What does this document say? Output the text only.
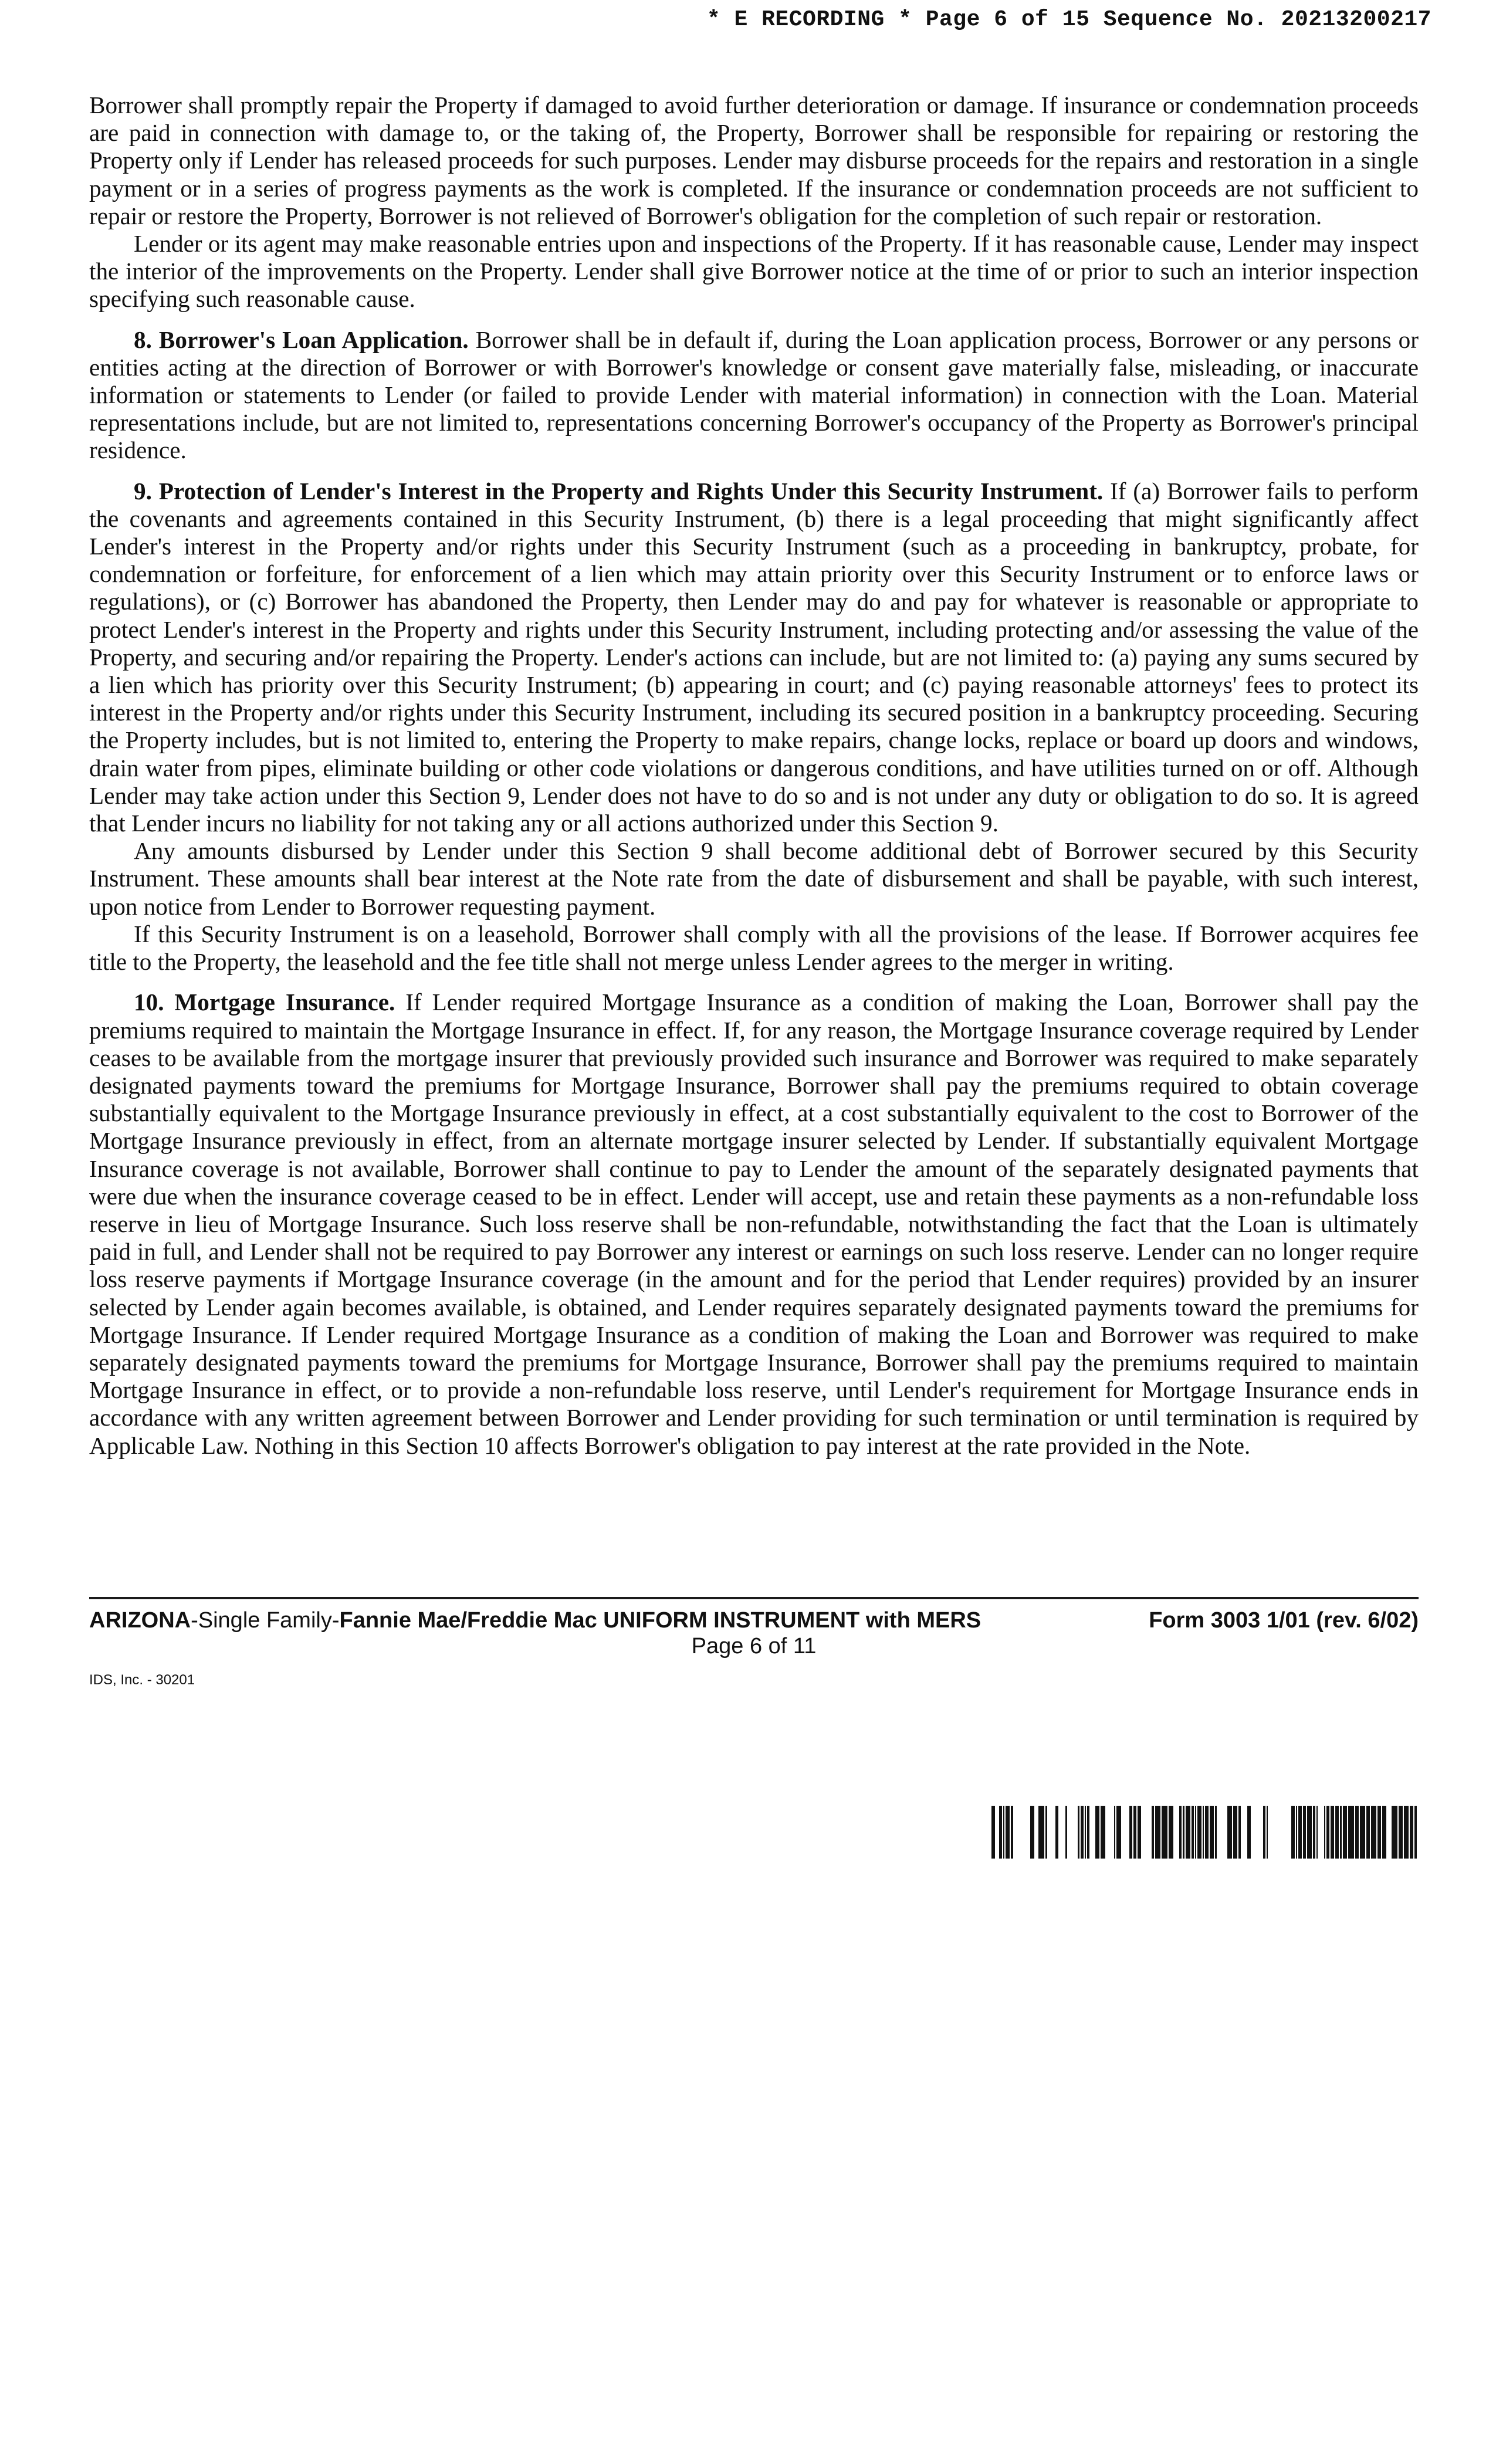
* E RECORDING * Page 6 of 15 Sequence No. 20213200217

Borrower shall promptly repair the Property if damaged to avoid further deterioration or damage. If insurance or condemnation proceeds are paid in connection with damage to, or the taking of, the Property, Borrower shall be responsible for repairing or restoring the Property only if Lender has released proceeds for such purposes. Lender may disburse proceeds for the repairs and restoration in a single payment or in a series of progress payments as the work is completed. If the insurance or condemnation proceeds are not sufficient to repair or restore the Property, Borrower is not relieved of Borrower's obligation for the completion of such repair or restoration.

Lender or its agent may make reasonable entries upon and inspections of the Property. If it has reasonable cause, Lender may inspect the interior of the improvements on the Property. Lender shall give Borrower notice at the time of or prior to such an interior inspection specifying such reasonable cause.

8. Borrower's Loan Application. Borrower shall be in default if, during the Loan application process, Borrower or any persons or entities acting at the direction of Borrower or with Borrower's knowledge or consent gave materially false, misleading, or inaccurate information or statements to Lender (or failed to provide Lender with material information) in connection with the Loan. Material representations include, but are not limited to, representations concerning Borrower's occupancy of the Property as Borrower's principal residence.

9. Protection of Lender's Interest in the Property and Rights Under this Security Instrument. If (a) Borrower fails to perform the covenants and agreements contained in this Security Instrument, (b) there is a legal proceeding that might significantly affect Lender's interest in the Property and/or rights under this Security Instrument (such as a proceeding in bankruptcy, probate, for condemnation or forfeiture, for enforcement of a lien which may attain priority over this Security Instrument or to enforce laws or regulations), or (c) Borrower has abandoned the Property, then Lender may do and pay for whatever is reasonable or appropriate to protect Lender's interest in the Property and rights under this Security Instrument, including protecting and/or assessing the value of the Property, and securing and/or repairing the Property. Lender's actions can include, but are not limited to: (a) paying any sums secured by a lien which has priority over this Security Instrument; (b) appearing in court; and (c) paying reasonable attorneys' fees to protect its interest in the Property and/or rights under this Security Instrument, including its secured position in a bankruptcy proceeding. Securing the Property includes, but is not limited to, entering the Property to make repairs, change locks, replace or board up doors and windows, drain water from pipes, eliminate building or other code violations or dangerous conditions, and have utilities turned on or off. Although Lender may take action under this Section 9, Lender does not have to do so and is not under any duty or obligation to do so. It is agreed that Lender incurs no liability for not taking any or all actions authorized under this Section 9.

Any amounts disbursed by Lender under this Section 9 shall become additional debt of Borrower secured by this Security Instrument. These amounts shall bear interest at the Note rate from the date of disbursement and shall be payable, with such interest, upon notice from Lender to Borrower requesting payment.

If this Security Instrument is on a leasehold, Borrower shall comply with all the provisions of the lease. If Borrower acquires fee title to the Property, the leasehold and the fee title shall not merge unless Lender agrees to the merger in writing.

10. Mortgage Insurance. If Lender required Mortgage Insurance as a condition of making the Loan, Borrower shall pay the premiums required to maintain the Mortgage Insurance in effect. If, for any reason, the Mortgage Insurance coverage required by Lender ceases to be available from the mortgage insurer that previously provided such insurance and Borrower was required to make separately designated payments toward the premiums for Mortgage Insurance, Borrower shall pay the premiums required to obtain coverage substantially equivalent to the Mortgage Insurance previously in effect, at a cost substantially equivalent to the cost to Borrower of the Mortgage Insurance previously in effect, from an alternate mortgage insurer selected by Lender. If substantially equivalent Mortgage Insurance coverage is not available, Borrower shall continue to pay to Lender the amount of the separately designated payments that were due when the insurance coverage ceased to be in effect. Lender will accept, use and retain these payments as a non-refundable loss reserve in lieu of Mortgage Insurance. Such loss reserve shall be non-refundable, notwithstanding the fact that the Loan is ultimately paid in full, and Lender shall not be required to pay Borrower any interest or earnings on such loss reserve. Lender can no longer require loss reserve payments if Mortgage Insurance coverage (in the amount and for the period that Lender requires) provided by an insurer selected by Lender again becomes available, is obtained, and Lender requires separately designated payments toward the premiums for Mortgage Insurance. If Lender required Mortgage Insurance as a condition of making the Loan and Borrower was required to make separately designated payments toward the premiums for Mortgage Insurance, Borrower shall pay the premiums required to maintain Mortgage Insurance in effect, or to provide a non-refundable loss reserve, until Lender's requirement for Mortgage Insurance ends in accordance with any written agreement between Borrower and Lender providing for such termination or until termination is required by Applicable Law. Nothing in this Section 10 affects Borrower's obligation to pay interest at the rate provided in the Note.

ARIZONA-Single Family-Fannie Mae/Freddie Mac UNIFORM INSTRUMENT with MERS	Form 3003 1/01 (rev. 6/02)
Page 6 of 11
IDS, Inc. - 30201
